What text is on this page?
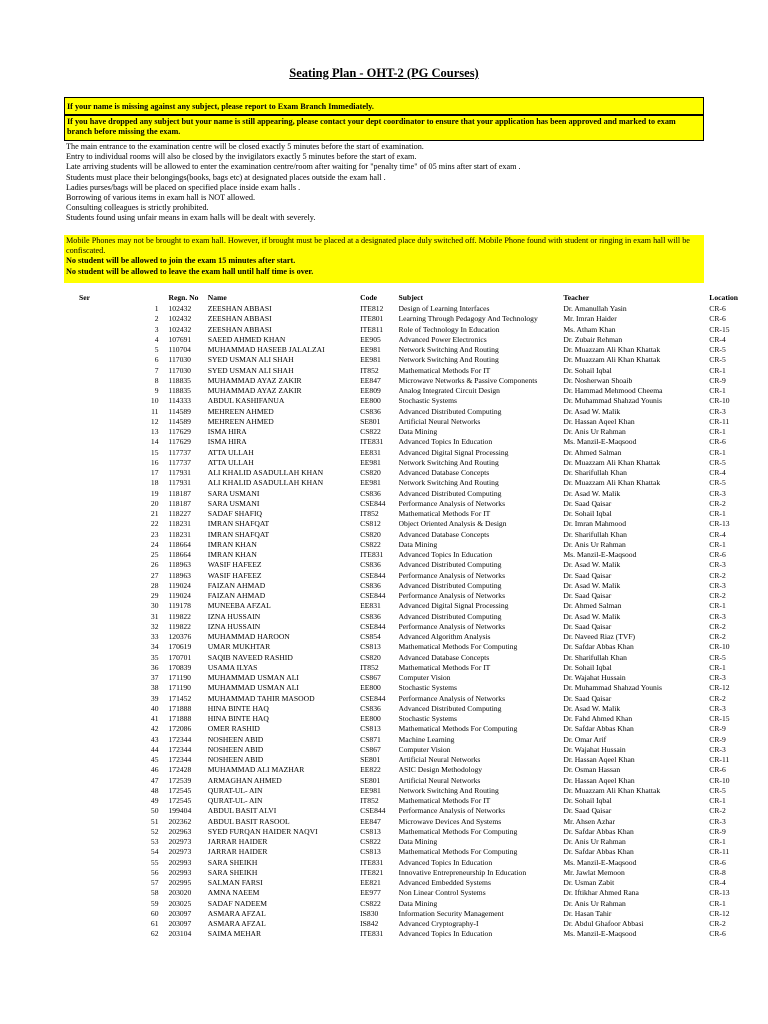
Seating Plan - OHT-2 (PG Courses)
If your name is missing against any subject, please report to Exam Branch Immediately.
If you have dropped any subject but your name is still appearing, please contact your dept coordinator to ensure that your application has been approved and marked to exam branch before missing the exam.
The main entrance to the examination centre will be closed exactly 5 minutes before the start of examination.
Entry to individual rooms will also be closed by the invigilators exactly 5 minutes before the start of exam.
Late arriving students will be allowed to enter the examination centre/room after waiting for "penalty time" of 05 mins after start of exam .
Students must place their belongings(books, bags etc) at designated places outside the exam hall .
Ladies purses/bags will be placed on specified place inside exam halls .
Borrowing of various items in exam hall is NOT allowed.
Consulting colleagues is strictly prohibited.
Students found using unfair means in exam halls will be dealt with severely.
Mobile Phones may not be brought to exam hall. However, if brought must be placed at a designated place duly switched off. Mobile Phone found with student or ringing in exam hall will be confiscated.
No student will be allowed to join the exam 15 minutes after start.
No student will be allowed to leave the exam hall until half time is over.
Ser	Regn. No	Name	Code	Subject	Teacher	Location
1	102432	ZEESHAN ABBASI	ITE812	Design of Learning Interfaces	Dr. Amanullah Yasin	CR-6
2	102432	ZEESHAN ABBASI	ITE801	Learning Through Pedagogy And Technology	Mr. Imran Haider	CR-6
3	102432	ZEESHAN ABBASI	ITE811	Role of Technology In Education	Ms. Atham Khan	CR-15
4	107691	SAEED AHMED KHAN	EE905	Advanced Power Electronics	Dr. Zubair Rehman	CR-4
5	110704	MUHAMMAD HASEEB JALALZAI	EE981	Network Switching And Routing	Dr. Muazzam Ali Khan Khattak	CR-5
6	117030	SYED USMAN ALI SHAH	EE981	Network Switching And Routing	Dr. Muazzam Ali Khan Khattak	CR-5
7	117030	SYED USMAN ALI SHAH	IT852	Mathematical Methods For IT	Dr. Sohail Iqbal	CR-1
8	118835	MUHAMMAD AYAZ ZAKIR	EE847	Microwave Networks & Passive Components	Dr. Nosherwan Shoaib	CR-9
9	118835	MUHAMMAD AYAZ ZAKIR	EE809	Analog Integrated Circuit Design	Dr. Hammad Mehmood Cheema	CR-1
10	114333	ABDUL KASHIFANUA	EE800	Stochastic Systems	Dr. Muhammad Shahzad Younis	CR-10
11	114589	MEHREEN AHMED	CS836	Advanced Distributed Computing	Dr. Asad W. Malik	CR-3
12	114589	MEHREEN AHMED	SE801	Artificial Neural Networks	Dr. Hassan Aqeel Khan	CR-11
13	117629	ISMA HIRA	CS822	Data Mining	Dr. Anis Ur Rahman	CR-1
14	117629	ISMA HIRA	ITE831	Advanced Topics In Education	Ms. Manzil-E-Maqsood	CR-6
15	117737	ATTA ULLAH	EE831	Advanced Digital Signal Processing	Dr. Ahmed Salman	CR-1
16	117737	ATTA ULLAH	EE981	Network Switching And Routing	Dr. Muazzam Ali Khan Khattak	CR-5
17	117931	ALI KHALID ASADULLAH KHAN	CS820	Advanced Database Concepts	Dr. Sharifullah Khan	CR-4
18	117931	ALI KHALID ASADULLAH KHAN	EE981	Network Switching And Routing	Dr. Muazzam Ali Khan Khattak	CR-5
19	118187	SARA USMANI	CS836	Advanced Distributed Computing	Dr. Asad W. Malik	CR-3
20	118187	SARA USMANI	CSE844	Performance Analysis of Networks	Dr. Saad Qaisar	CR-2
21	118227	SADAF SHAFIQ	IT852	Mathematical Methods For IT	Dr. Sohail Iqbal	CR-1
22	118231	IMRAN SHAFQAT	CS812	Object Oriented Analysis & Design	Dr. Imran Mahmood	CR-13
23	118231	IMRAN SHAFQAT	CS820	Advanced Database Concepts	Dr. Sharifullah Khan	CR-4
24	118664	IMRAN KHAN	CS822	Data Mining	Dr. Anis Ur Rahman	CR-1
25	118664	IMRAN KHAN	ITE831	Advanced Topics In Education	Ms. Manzil-E-Maqsood	CR-6
26	118963	WASIF HAFEEZ	CS836	Advanced Distributed Computing	Dr. Asad W. Malik	CR-3
27	118963	WASIF HAFEEZ	CSE844	Performance Analysis of Networks	Dr. Saad Qaisar	CR-2
28	119024	FAIZAN AHMAD	CS836	Advanced Distributed Computing	Dr. Asad W. Malik	CR-3
29	119024	FAIZAN AHMAD	CSE844	Performance Analysis of Networks	Dr. Saad Qaisar	CR-2
30	119178	MUNEEBA AFZAL	EE831	Advanced Digital Signal Processing	Dr. Ahmed Salman	CR-1
31	119822	IZNA HUSSAIN	CS836	Advanced Distributed Computing	Dr. Asad W. Malik	CR-3
32	119822	IZNA HUSSAIN	CSE844	Performance Analysis of Networks	Dr. Saad Qaisar	CR-2
33	120376	MUHAMMAD HAROON	CS854	Advanced Algorithm Analysis	Dr. Naveed Riaz (TVF)	CR-2
34	170619	UMAR MUKHTAR	CS813	Mathematical Methods For Computing	Dr. Safdar Abbas Khan	CR-10
35	170701	SAQIB NAVEED RASHID	CS820	Advanced Database Concepts	Dr. Sharifullah Khan	CR-5
36	170839	USAMA ILYAS	IT852	Mathematical Methods For IT	Dr. Sohail Iqbal	CR-1
37	171190	MUHAMMAD USMAN ALI	CS867	Computer Vision	Dr. Wajahat Hussain	CR-3
38	171190	MUHAMMAD USMAN ALI	EE800	Stochastic Systems	Dr. Muhammad Shahzad Younis	CR-12
39	171452	MUHAMMAD TAHIR MASOOD	CSE844	Performance Analysis of Networks	Dr. Saad Qaisar	CR-2
40	171888	HINA BINTE HAQ	CS836	Advanced Distributed Computing	Dr. Asad W. Malik	CR-3
41	171888	HINA BINTE HAQ	EE800	Stochastic Systems	Dr. Fahd Ahmed Khan	CR-15
42	172086	OMER RASHID	CS813	Mathematical Methods For Computing	Dr. Safdar Abbas Khan	CR-9
43	172344	NOSHEEN ABID	CS871	Machine Learning	Dr. Omar Arif	CR-9
44	172344	NOSHEEN ABID	CS867	Computer Vision	Dr. Wajahat Hussain	CR-3
45	172344	NOSHEEN ABID	SE801	Artificial Neural Networks	Dr. Hassan Aqeel Khan	CR-11
46	172428	MUHAMMAD ALI MAZHAR	EE822	ASIC Design Methodology	Dr. Osman Hassan	CR-6
47	172539	ARMAGHAN AHMED	SE801	Artificial Neural Networks	Dr. Hassan Aqeel Khan	CR-10
48	172545	QURAT-UL- AIN	EE981	Network Switching And Routing	Dr. Muazzam Ali Khan Khattak	CR-5
49	172545	QURAT-UL- AIN	IT852	Mathematical Methods For IT	Dr. Sohail Iqbal	CR-1
50	199404	ABDUL BASIT ALVI	CSE844	Performance Analysis of Networks	Dr. Saad Qaisar	CR-2
51	202362	ABDUL BASIT RASOOL	EE847	Microwave Devices And Systems	Mr. Ahsen Azhar	CR-3
52	202963	SYED FURQAN HAIDER NAQVI	CS813	Mathematical Methods For Computing	Dr. Safdar Abbas Khan	CR-9
53	202973	JARRAR HAIDER	CS822	Data Mining	Dr. Anis Ur Rahman	CR-1
54	202973	JARRAR HAIDER	CS813	Mathematical Methods For Computing	Dr. Safdar Abbas Khan	CR-11
55	202993	SARA SHEIKH	ITE831	Advanced Topics In Education	Ms. Manzil-E-Maqsood	CR-6
56	202993	SARA SHEIKH	ITE821	Innovative Entrepreneurship In Education	Mr. Jawlat Memoon	CR-8
57	202995	SALMAN FARSI	EE821	Advanced Embedded Systems	Dr. Usman Zabit	CR-4
58	203020	AMNA NAEEM	EE977	Non Linear Control Systems	Dr. Iftikhar Ahmed Rana	CR-13
59	203025	SADAF NADEEM	CS822	Data Mining	Dr. Anis Ur Rahman	CR-1
60	203097	ASMARA AFZAL	IS830	Information Security Management	Dr. Hasan Tahir	CR-12
61	203097	ASMARA AFZAL	IS842	Advanced Cryptography-I	Dr. Abdul Ghafoor Abbasi	CR-2
62	203104	SAIMA MEHAR	ITE831	Advanced Topics In Education	Ms. Manzil-E-Maqsood	CR-6
